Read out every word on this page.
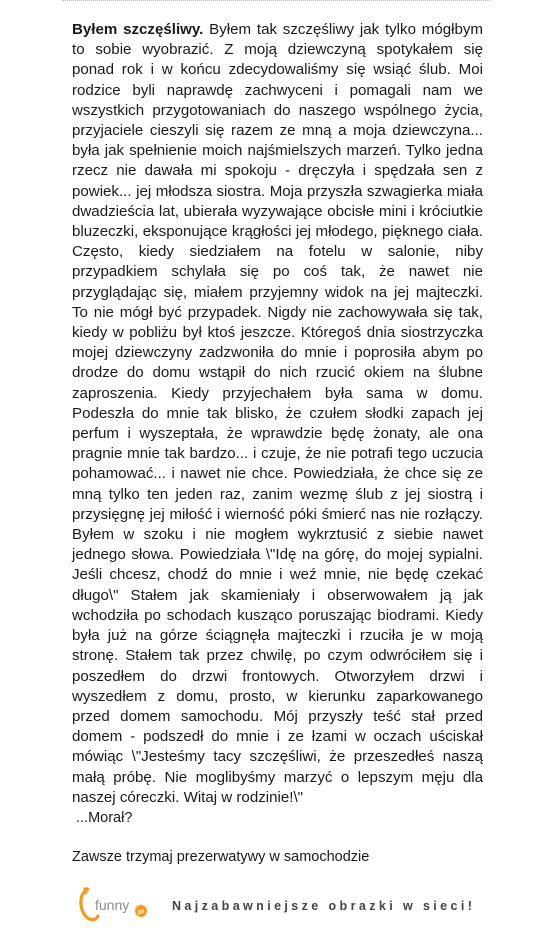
Byłem szczęśliwy. Byłem tak szczęśliwy jak tylko mógłbym to sobie wyobrazić. Z moją dziewczyną spotykałem się ponad rok i w końcu zdecydowaliśmy się wsiąć ślub. Moi rodzice byli naprawdę zachwyceni i pomagali nam we wszystkich przygotowaniach do naszego wspólnego życia, przyjaciele cieszyli się razem ze mną a moja dziewczyna... była jak spełnienie moich najśmielszych marzeń. Tylko jedna rzecz nie dawała mi spokoju - dręczyła i spędzała sen z powiek... jej młodsza siostra. Moja przyszła szwagierka miała dwadzieścia lat, ubierała wyzywające obcisłe mini i króciutkie bluzeczki, eksponujące krągłości jej młodego, pięknego ciała. Często, kiedy siedziałem na fotelu w salonie, niby przypadkiem schylała się po coś tak, że nawet nie przyglądając się, miałem przyjemny widok na jej majteczki. To nie mógł być przypadek. Nigdy nie zachowywała się tak, kiedy w pobliżu był ktoś jeszcze. Któregoś dnia siostrzyczka mojej dziewczyny zadzwoniła do mnie i poprosiła abym po drodze do domu wstąpił do nich rzucić okiem na ślubne zaproszenia. Kiedy przyjechałem była sama w domu. Podeszła do mnie tak blisko, że czułem słodki zapach jej perfum i wyszeptała, że wprawdzie będę żonaty, ale ona pragnie mnie tak bardzo... i czuje, że nie potrafi tego uczucia pohamować... i nawet nie chce. Powiedziała, że chce się ze mną tylko ten jeden raz, zanim wezmę ślub z jej siostrą i przysięgnę jej miłość i wierność póki śmierć nas nie rozłączy. Byłem w szoku i nie mogłem wykrztusić z siebie nawet jednego słowa. Powiedziała \"Idę na górę, do mojej sypialni. Jeśli chcesz, chodź do mnie i weź mnie, nie będę czekać długo\" Stałem jak skamieniały i obserwowałem ją jak wchodziła po schodach kusząco poruszając biodrami. Kiedy była już na górze ściągnęła majteczki i rzuciła je w moją stronę. Stałem tak przez chwilę, po czym odwróciłem się i poszedłem do drzwi frontowych. Otworzyłem drzwi i wyszedłem z domu, prosto, w kierunku zaparkowanego przed domem samochodu. Mój przyszły teść stał przed domem - podszedł do mnie i ze łzami w oczach uściskał mówiąc \"Jesteśmy tacy szczęśliwi, że przeszedłeś naszą małą próbę. Nie moglibyśmy marzyć o lepszym męju dla naszej córeczki. Witaj w rodzinie!\"
...Morał?
Zawsze trzymaj prezerwatywy w samochodzie
funny pl Najzabawniejsze obrazki w sieci!
